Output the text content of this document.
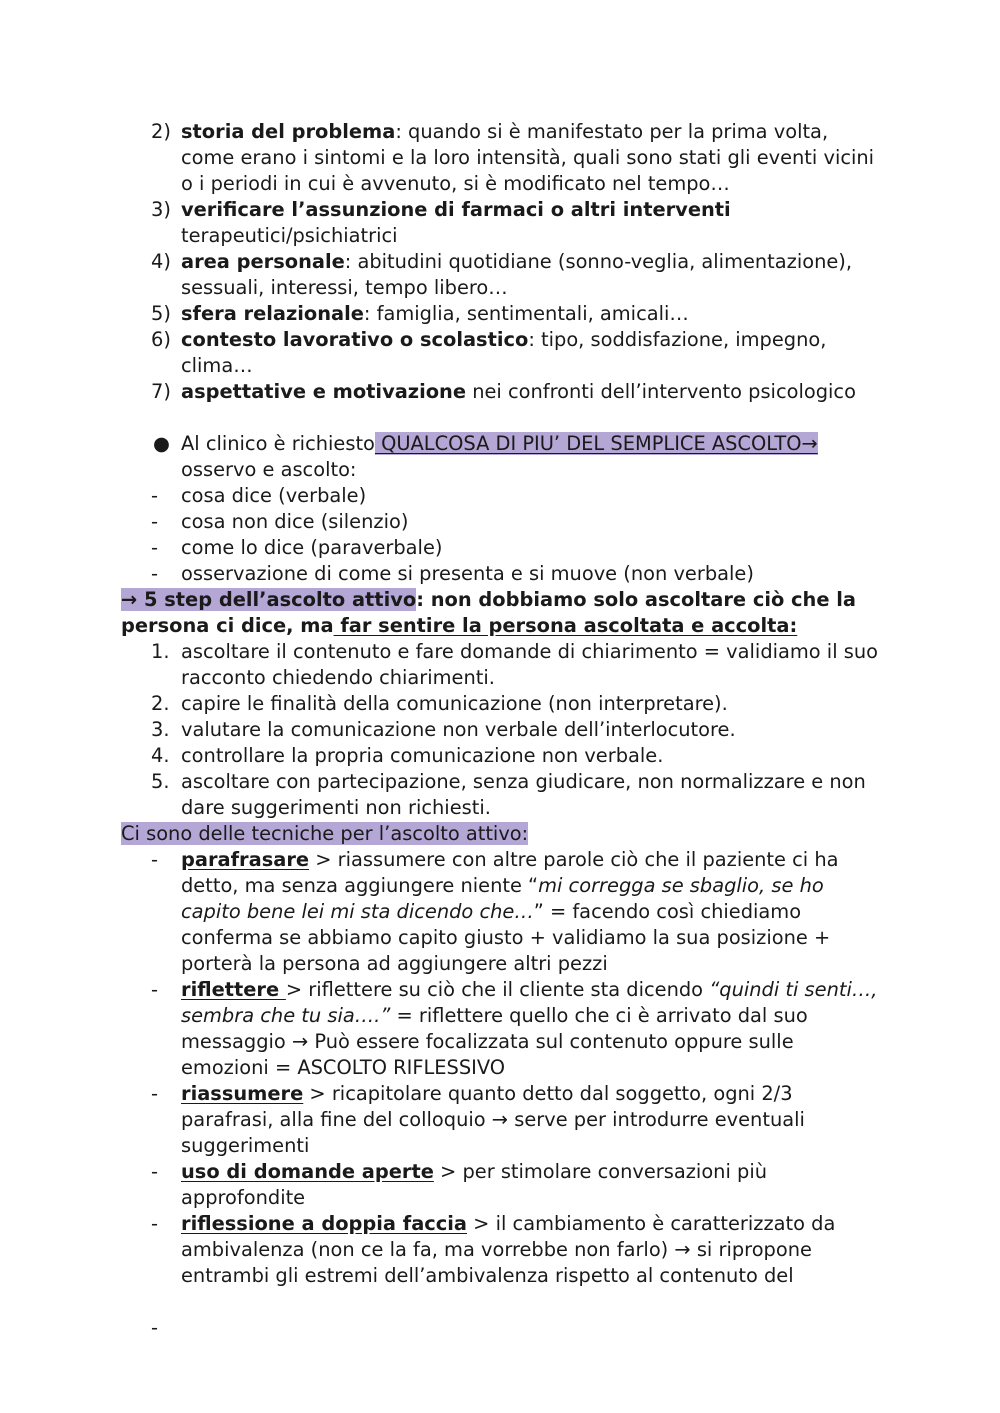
2) storia del problema: quando si è manifestato per la prima volta, come erano i sintomi e la loro intensità, quali sono stati gli eventi vicini o i periodi in cui è avvenuto, si è modificato nel tempo…
3) verificare l’assunzione di farmaci o altri interventi
terapeutici/psichiatrici
4) area personale: abitudini quotidiane (sonno-veglia, alimentazione), sessuali, interessi, tempo libero…
5) sfera relazionale: famiglia, sentimentali, amicali…
6) contesto lavorativo o scolastico: tipo, soddisfazione, impegno, clima…
7) aspettative e motivazione nei confronti dell’intervento psicologico
● Al clinico è richiesto QUALCOSA DI PIU’ DEL SEMPLICE ASCOLTO→ osservo e ascolto:
- cosa dice (verbale)
- cosa non dice (silenzio)
- come lo dice (paraverbale)
- osservazione di come si presenta e si muove (non verbale)
→ 5 step dell’ascolto attivo: non dobbiamo solo ascoltare ciò che la persona ci dice, ma far sentire la persona ascoltata e accolta:
1. ascoltare il contenuto e fare domande di chiarimento = validiamo il suo racconto chiedendo chiarimenti.
2. capire le finalità della comunicazione (non interpretare).
3. valutare la comunicazione non verbale dell’interlocutore.
4. controllare la propria comunicazione non verbale.
5. ascoltare con partecipazione, senza giudicare, non normalizzare e non dare suggerimenti non richiesti.
Ci sono delle tecniche per l’ascolto attivo:
- parafrasare > riassumere con altre parole ciò che il paziente ci ha detto, ma senza aggiungere niente “mi corregga se sbaglio, se ho capito bene lei mi sta dicendo che…” = facendo così chiediamo conferma se abbiamo capito giusto + validiamo la sua posizione + porterà la persona ad aggiungere altri pezzi
- riflettere > riflettere su ciò che il cliente sta dicendo “quindi ti senti…, sembra che tu sia….” = riflettere quello che ci è arrivato dal suo messaggio → Può essere focalizzata sul contenuto oppure sulle emozioni = ASCOLTO RIFLESSIVO
- riassumere > ricapitolare quanto detto dal soggetto, ogni 2/3 parafrasi, alla fine del colloquio → serve per introdurre eventuali suggerimenti
- uso di domande aperte > per stimolare conversazioni più approfondite
- riflessione a doppia faccia > il cambiamento è caratterizzato da ambivalenza (non ce la fa, ma vorrebbe non farlo) → si ripropone entrambi gli estremi dell’ambivalenza rispetto al contenuto del
-
